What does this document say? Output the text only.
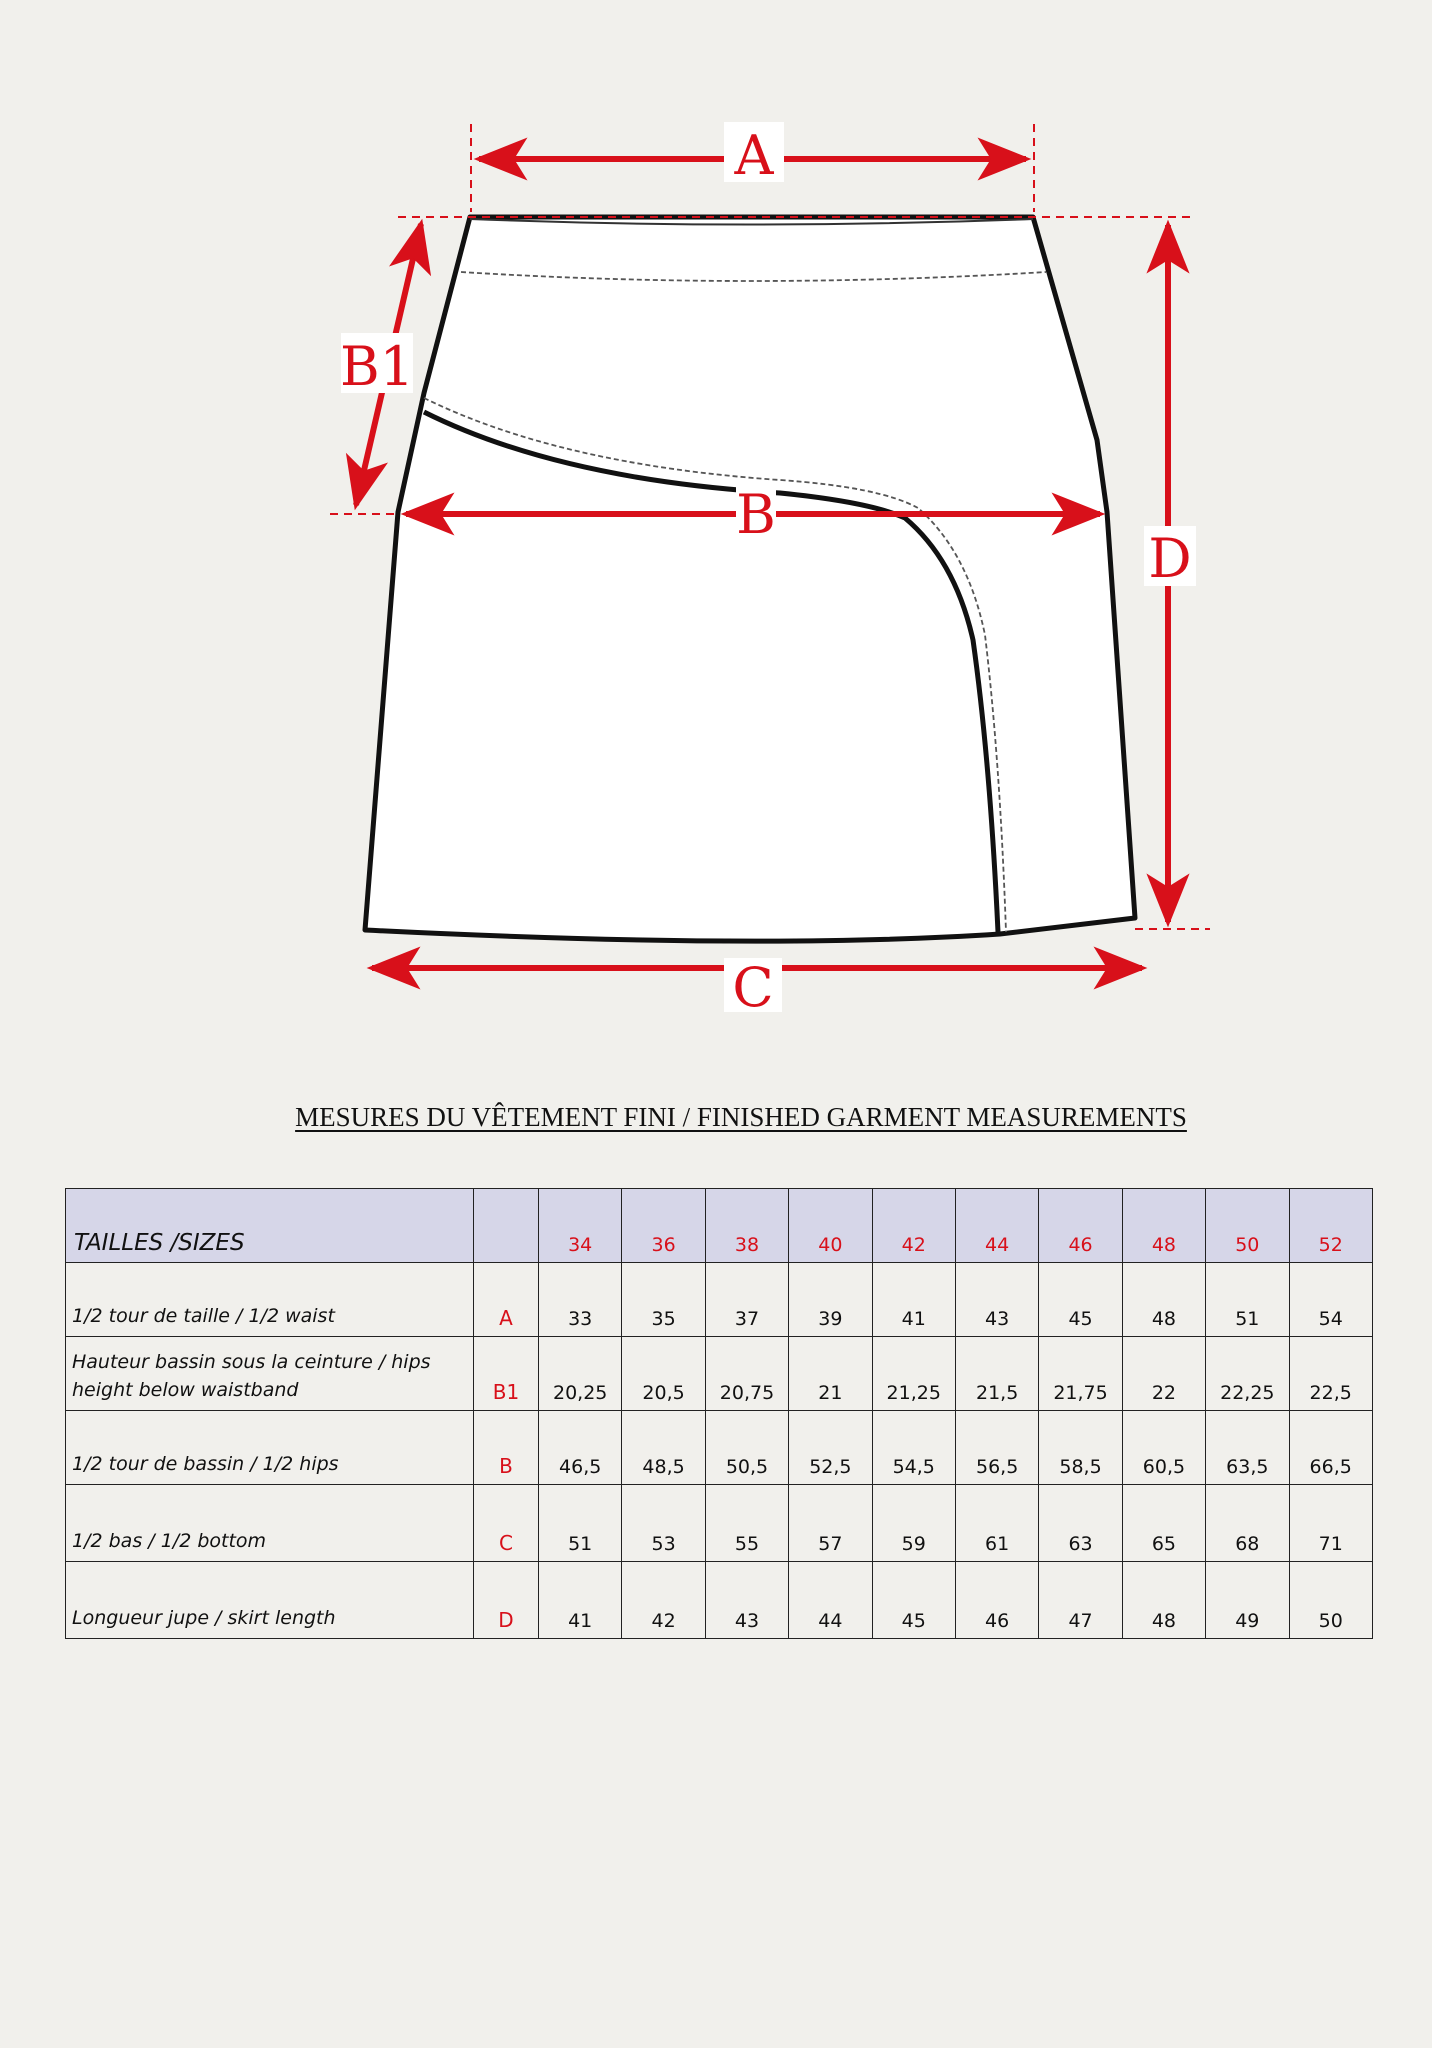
A
B1
B
C
D
MESURES DU VÊTEMENT FINI / FINISHED GARMENT MEASUREMENTS
TAILLES /SIZES		34	36	38	40	42	44	46	48	50	52

1/2 tour de taille / 1/2 waist	A	33	35	37	39	41	43	45	48	51	54

Hauteur bassin sous la ceinture / hips
height below waistband	B1	20,25	20,5	20,75	21	21,25	21,5	21,75	22	22,25	22,5

1/2 tour de bassin / 1/2 hips	B	46,5	48,5	50,5	52,5	54,5	56,5	58,5	60,5	63,5	66,5

1/2 bas / 1/2 bottom	C	51	53	55	57	59	61	63	65	68	71

Longueur jupe / skirt length	D	41	42	43	44	45	46	47	48	49	50
